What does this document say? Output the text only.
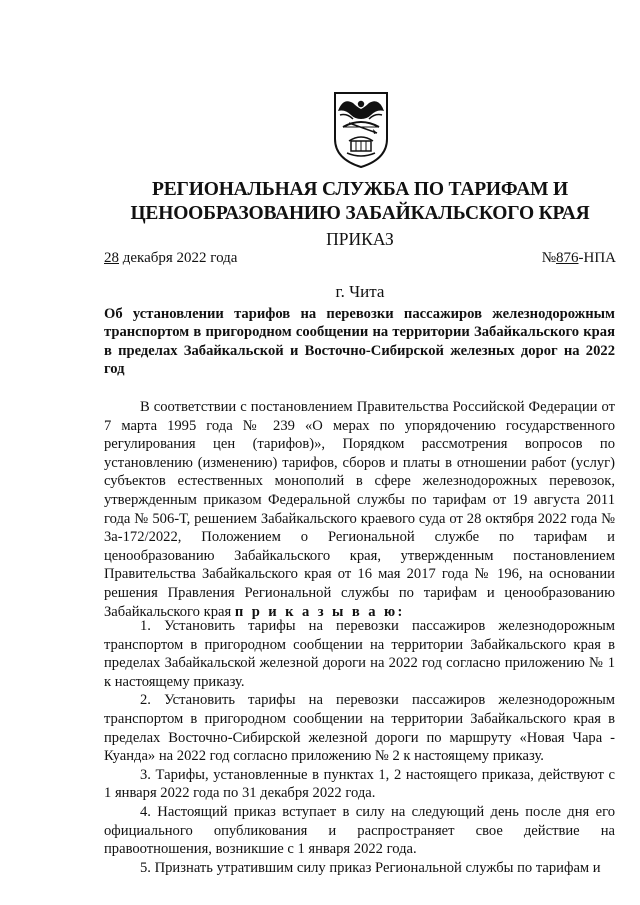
РЕГИОНАЛЬНАЯ СЛУЖБА ПО ТАРИФАМ И
ЦЕНООБРАЗОВАНИЮ ЗАБАЙКАЛЬСКОГО КРАЯ
ПРИКАЗ
28 декабря 2022 года	№876-НПА
г. Чита

Об установлении тарифов на перевозки пассажиров железнодорожным транспортом в пригородном сообщении на территории Забайкальского края в пределах Забайкальской и Восточно-Сибирской железных дорог на 2022 год

В соответствии с постановлением Правительства Российской Федерации от 7 марта 1995 года № 239 «О мерах по упорядочению государственного регулирования цен (тарифов)», Порядком рассмотрения вопросов по установлению (изменению) тарифов, сборов и платы в отношении работ (услуг) субъектов естественных монополий в сфере железнодорожных перевозок, утвержденным приказом Федеральной службы по тарифам от 19 августа 2011 года № 506-Т, решением Забайкальского краевого суда от 28 октября 2022 года № 3а-172/2022, Положением о Региональной службе по тарифам и ценообразованию Забайкальского края, утвержденным постановлением Правительства Забайкальского края от 16 мая 2017 года № 196, на основании решения Правления Региональной службы по тарифам и ценообразованию Забайкальского края п р и к а з ы в а ю:

1. Установить тарифы на перевозки пассажиров железнодорожным транспортом в пригородном сообщении на территории Забайкальского края в пределах Забайкальской железной дороги на 2022 год согласно приложению № 1 к настоящему приказу.

2. Установить тарифы на перевозки пассажиров железнодорожным транспортом в пригородном сообщении на территории Забайкальского края в пределах Восточно-Сибирской железной дороги по маршруту «Новая Чара - Куанда» на 2022 год согласно приложению № 2 к настоящему приказу.

3. Тарифы, установленные в пунктах 1, 2 настоящего приказа, действуют с 1 января 2022 года по 31 декабря 2022 года.

4. Настоящий приказ вступает в силу на следующий день после дня его официального опубликования и распространяет свое действие на правоотношения, возникшие с 1 января 2022 года.

5. Признать утратившим силу приказ Региональной службы по тарифам и
